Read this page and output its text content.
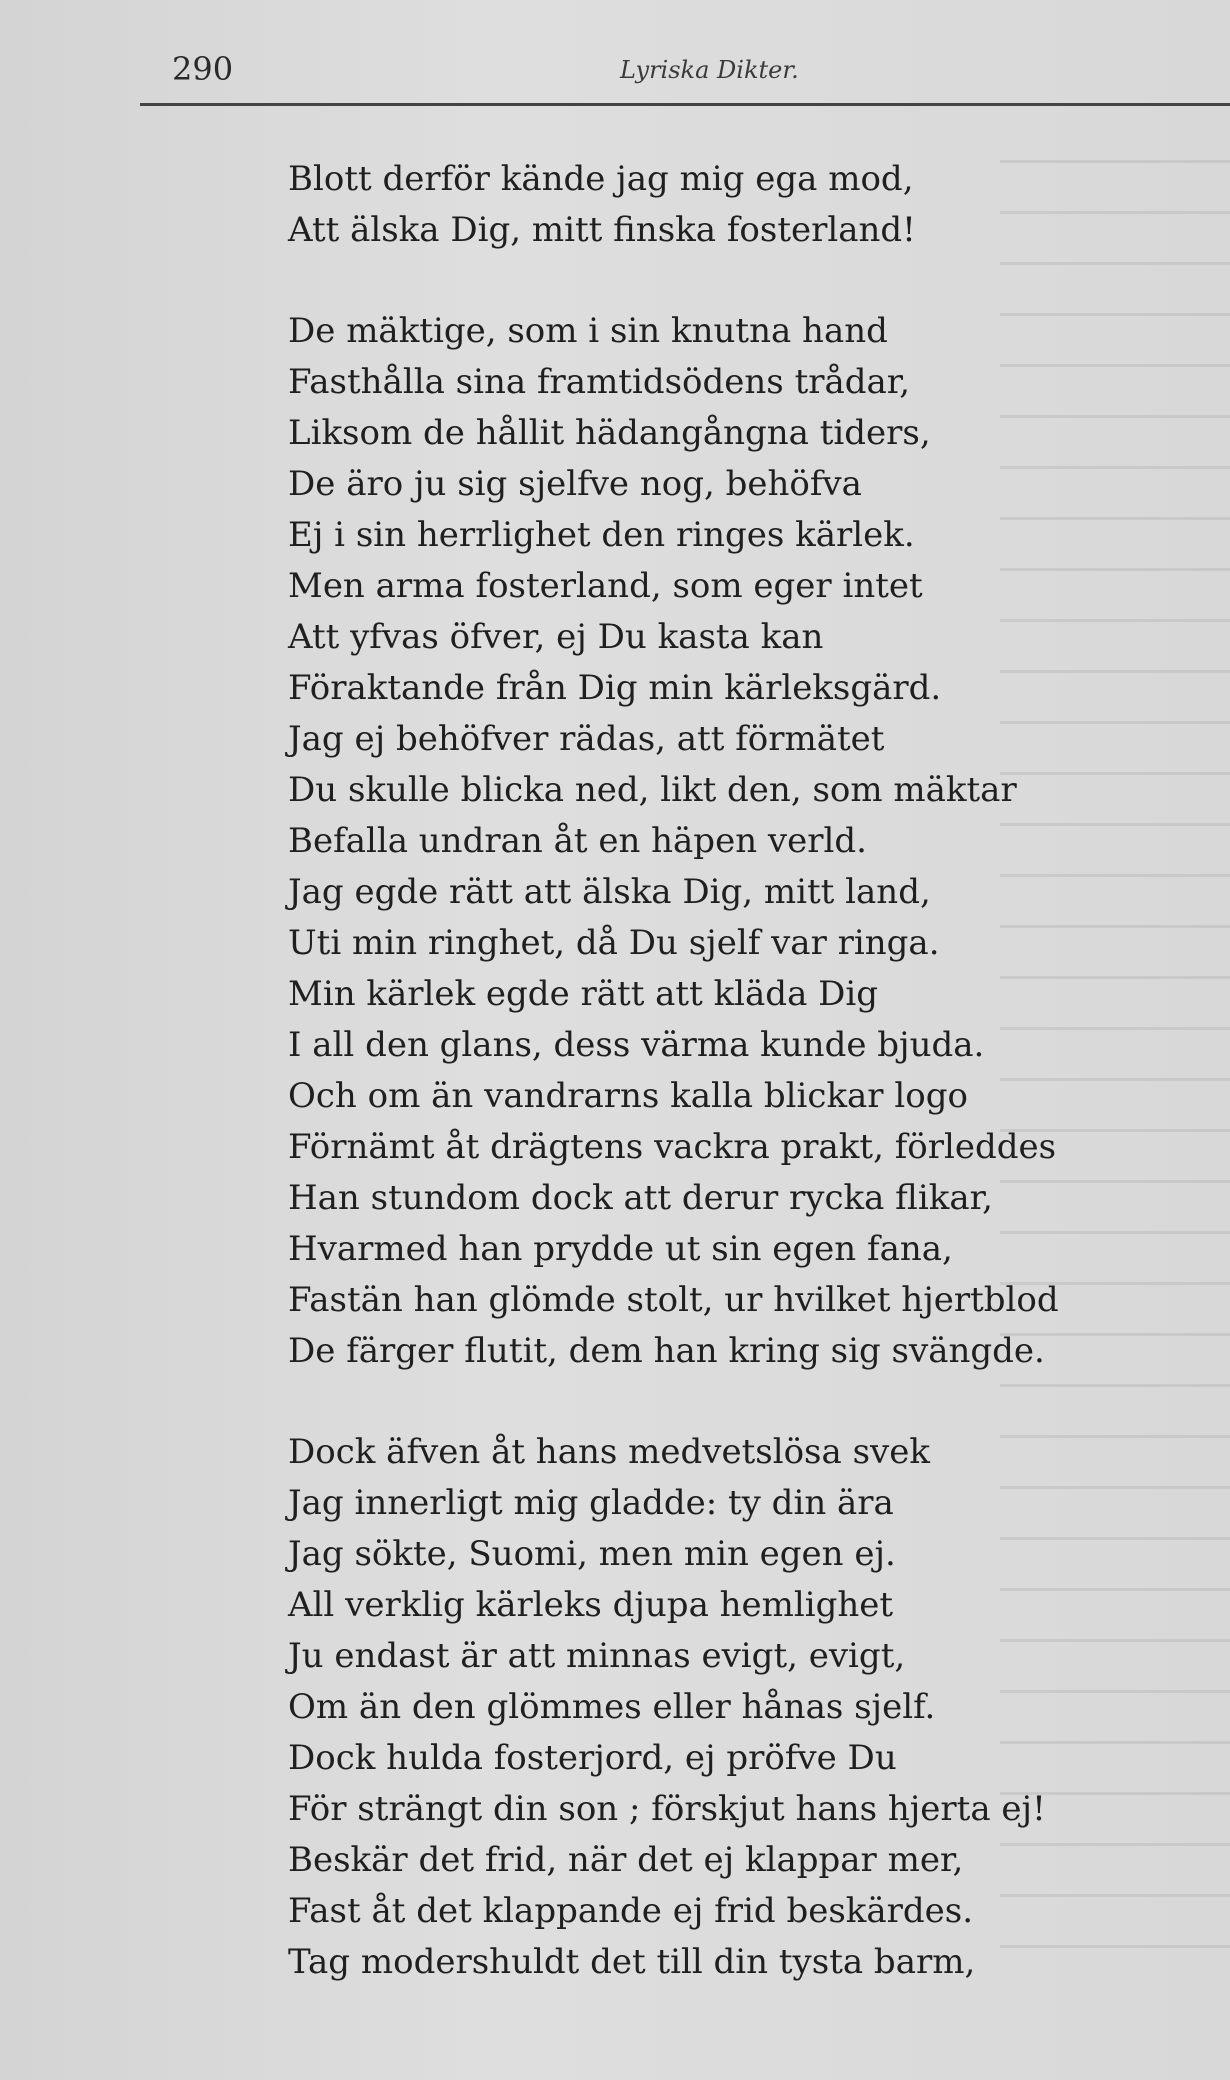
290	Lyriska Dikter.
Blott derför kände jag mig ega mod,
Att älska Dig, mitt finska fosterland!
De mäktige, som i sin knutna hand
Fasthålla sina framtidsödens trådar,
Liksom de hållit hädangångna tiders,
De äro ju sig sjelfve nog, behöfva
Ej i sin herrlighet den ringes kärlek.
Men arma fosterland, som eger intet
Att yfvas öfver, ej Du kasta kan
Föraktande från Dig min kärleksgärd.
Jag ej behöfver rädas, att förmätet
Du skulle blicka ned, likt den, som mäktar
Befalla undran åt en häpen verld.
Jag egde rätt att älska Dig, mitt land,
Uti min ringhet, då Du sjelf var ringa.
Min kärlek egde rätt att kläda Dig
I all den glans, dess värma kunde bjuda.
Och om än vandrarns kalla blickar logo
Förnämt åt drägtens vackra prakt, förleddes
Han stundom dock att derur rycka flikar,
Hvarmed han prydde ut sin egen fana,
Fastän han glömde stolt, ur hvilket hjertblod
De färger flutit, dem han kring sig svängde.
Dock äfven åt hans medvetslösa svek
Jag innerligt mig gladde: ty din ära
Jag sökte, Suomi, men min egen ej.
All verklig kärleks djupa hemlighet
Ju endast är att minnas evigt, evigt,
Om än den glömmes eller hånas sjelf.
Dock hulda fosterjord, ej pröfve Du
För strängt din son ; förskjut hans hjerta ej!
Beskär det frid, när det ej klappar mer,
Fast åt det klappande ej frid beskärdes.
Tag modershuldt det till din tysta barm,
